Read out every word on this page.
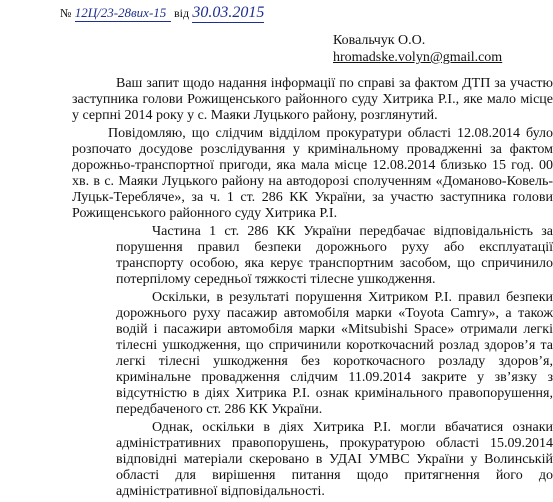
№ 12Ц/23-28вих-15 від 30.03.2015
Ковальчук О.О.
hromadske.volyn@gmail.com

Ваш запит щодо надання інформації по справі за фактом ДТП за участю заступника голови Рожищенського районного суду Хитрика Р.І., яке мало місце у серпні 2014 року у с. Маяки Луцького району, розглянутий.

Повідомляю, що слідчим відділом прокуратури області 12.08.2014 було розпочато досудове розслідування у кримінальному провадженні за фактом дорожньо-транспортної пригоди, яка мала місце 12.08.2014 близько 15 год. 00 хв. в с. Маяки Луцького району на автодорозі сполученням «Доманово-Ковель-Луцьк-Теребляче», за ч. 1 ст. 286 КК України, за участю заступника голови Рожищенського районного суду Хитрика Р.І.

Частина 1 ст. 286 КК України передбачає відповідальність за порушення правил безпеки дорожнього руху або експлуатації транспорту особою, яка керує транспортним засобом, що спричинило потерпілому середньої тяжкості тілесне ушкодження.

Оскільки, в результаті порушення Хитриком Р.І. правил безпеки дорожнього руху пасажир автомобіля марки «Toyota Camry», а також водій і пасажири автомобіля марки «Mitsubishi Space» отримали легкі тілесні ушкодження, що спричинили короткочасний розлад здоров’я та легкі тілесні ушкодження без короткочасного розладу здоров’я, кримінальне провадження слідчим 11.09.2014 закрите у зв’язку з відсутністю в діях Хитрика Р.І. ознак кримінального правопорушення, передбаченого ст. 286 КК України.

Однак, оскільки в діях Хитрика Р.І. могли вбачатися ознаки адміністративних правопорушень, прокуратурою області 15.09.2014 відповідні матеріали скеровано в УДАІ УМВС України у Волинській області для вирішення питання щодо притягнення його до адміністративної відповідальності.
